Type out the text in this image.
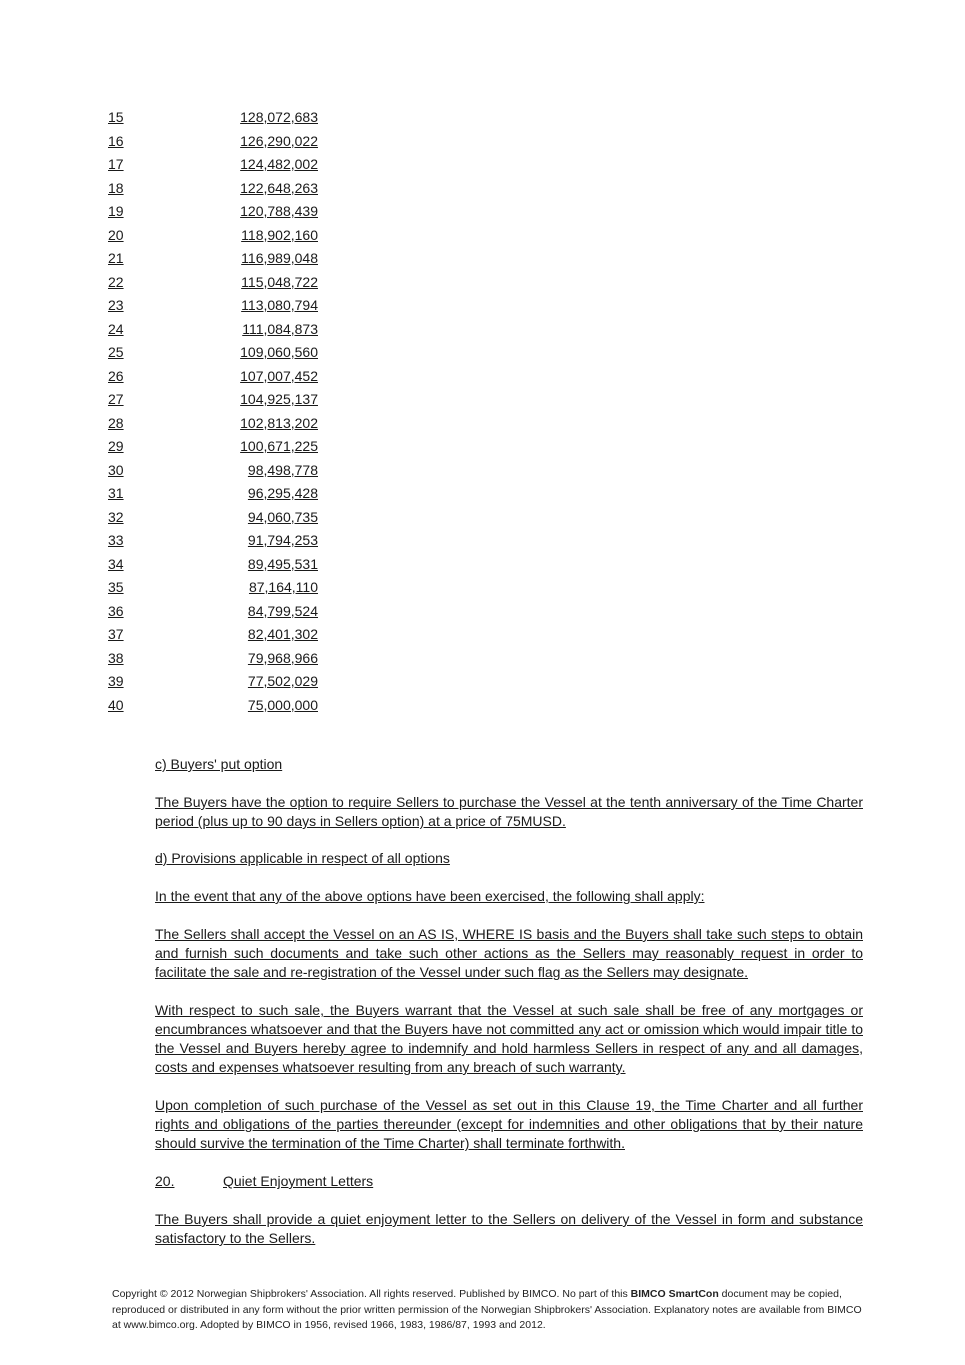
15	128,072,683
16	126,290,022
17	124,482,002
18	122,648,263
19	120,788,439
20	118,902,160
21	116,989,048
22	115,048,722
23	113,080,794
24	111,084,873
25	109,060,560
26	107,007,452
27	104,925,137
28	102,813,202
29	100,671,225
30	98,498,778
31	96,295,428
32	94,060,735
33	91,794,253
34	89,495,531
35	87,164,110
36	84,799,524
37	82,401,302
38	79,968,966
39	77,502,029
40	75,000,000
c) Buyers' put option
The Buyers have the option to require Sellers to purchase the Vessel at the tenth anniversary of the Time Charter period (plus up to 90 days in Sellers option) at a price of 75MUSD.
d) Provisions applicable in respect of all options
In the event that any of the above options have been exercised, the following shall apply:
The Sellers shall accept the Vessel on an AS IS, WHERE IS basis and the Buyers shall take such steps to obtain and furnish such documents and take such other actions as the Sellers may reasonably request in order to facilitate the sale and re-registration of the Vessel under such flag as the Sellers may designate.
With respect to such sale, the Buyers warrant that the Vessel at such sale shall be free of any mortgages or encumbrances whatsoever and that the Buyers have not committed any act or omission which would impair title to the Vessel and Buyers hereby agree to indemnify and hold harmless Sellers in respect of any and all damages, costs and expenses whatsoever resulting from any breach of such warranty.
Upon completion of such purchase of the Vessel as set out in this Clause 19, the Time Charter and all further rights and obligations of the parties thereunder (except for indemnities and other obligations that by their nature should survive the termination of the Time Charter) shall terminate forthwith.
20.	Quiet Enjoyment Letters
The Buyers shall provide a quiet enjoyment letter to the Sellers on delivery of the Vessel in form and substance satisfactory to the Sellers.
Copyright © 2012 Norwegian Shipbrokers' Association. All rights reserved. Published by BIMCO. No part of this BIMCO SmartCon document may be copied, reproduced or distributed in any form without the prior written permission of the Norwegian Shipbrokers' Association. Explanatory notes are available from BIMCO at www.bimco.org. Adopted by BIMCO in 1956, revised 1966, 1983, 1986/87, 1993 and 2012.
